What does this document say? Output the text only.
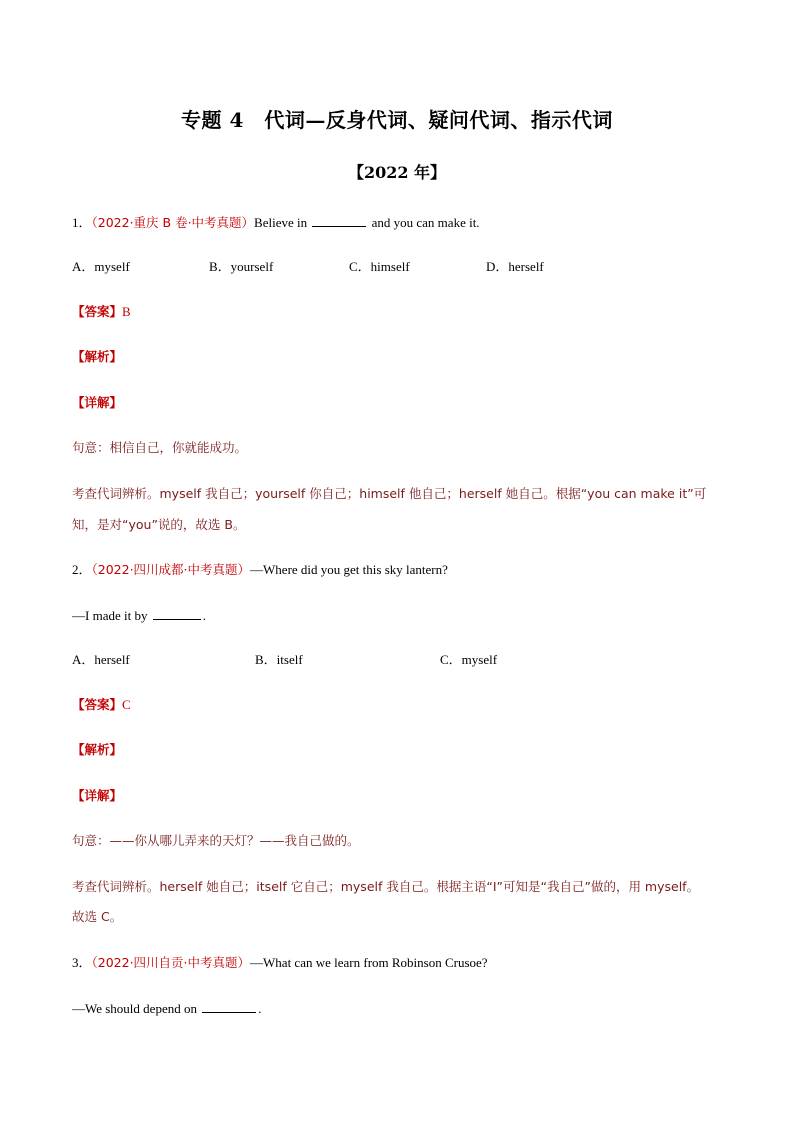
专题 4　代词—反身代词、疑问代词、指示代词
【2022 年】
1．（2022·重庆 B 卷·中考真题）Believe in	and you can make it.
A．myself	B．yourself	C．himself	D．herself
【答案】B
【解析】
【详解】
句意：相信自己，你就能成功。
考查代词辨析。myself 我自己；yourself 你自己；himself 他自己；herself 她自己。根据“you can make it”可
知，是对“you”说的，故选 B。
2．（2022·四川成都·中考真题）—Where did you get this sky lantern?
—I made it by	.
A．herself	B．itself	C．myself
【答案】C
【解析】
【详解】
句意：——你从哪儿弄来的天灯？——我自己做的。
考查代词辨析。herself 她自己；itself 它自己；myself 我自己。根据主语“I”可知是“我自己”做的，用 myself。
故选 C。
3．（2022·四川自贡·中考真题）—What can we learn from Robinson Crusoe?
—We should depend on	.
